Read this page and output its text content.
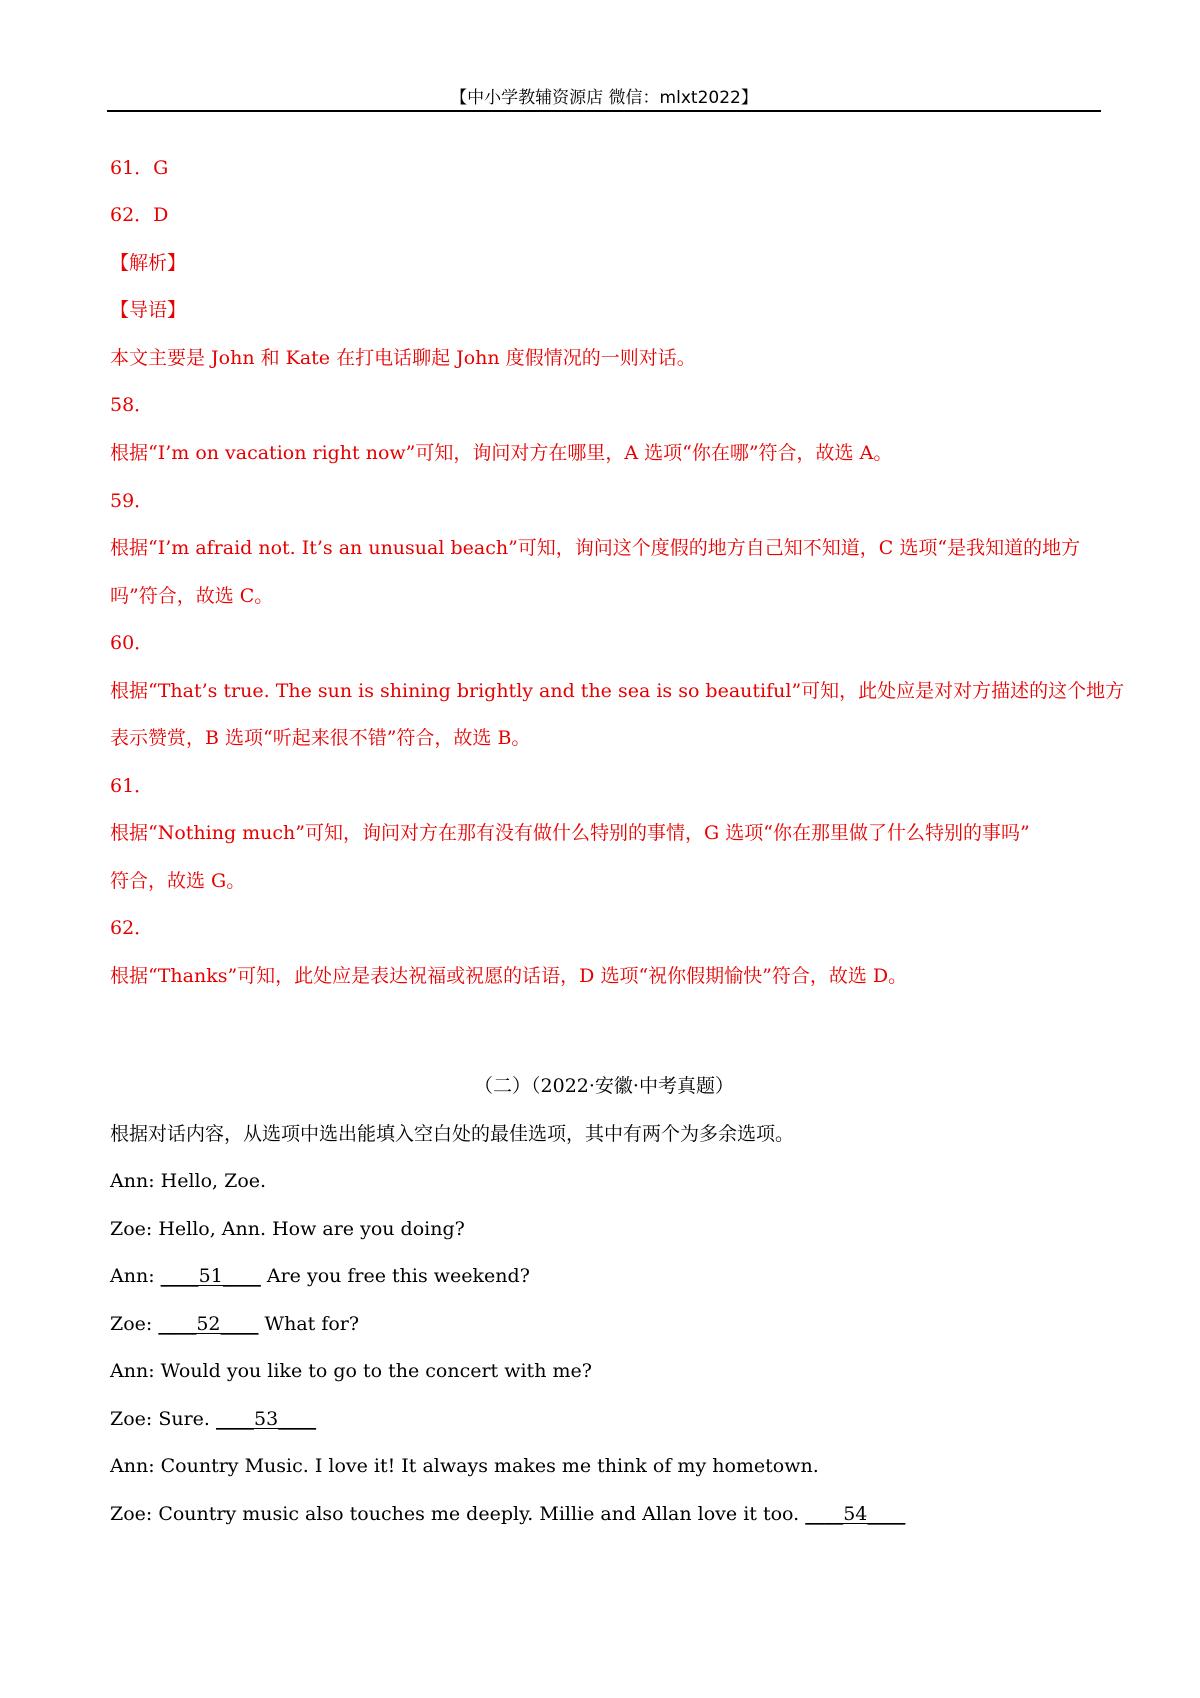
【中小学教辅资源店 微信：mlxt2022】
61．G
62．D
【解析】
【导语】
本文主要是 John 和 Kate 在打电话聊起 John 度假情况的一则对话。
58．
根据“I’m on vacation right now”可知，询问对方在哪里，A 选项“你在哪”符合，故选 A。
59．
根据“I’m afraid not. It’s an unusual beach”可知，询问这个度假的地方自己知不知道，C 选项“是我知道的地方
吗”符合，故选 C。
60．
根据“That’s true. The sun is shining brightly and the sea is so beautiful”可知，此处应是对对方描述的这个地方
表示赞赏，B 选项“听起来很不错”符合，故选 B。
61．
根据“Nothing much”可知，询问对方在那有没有做什么特别的事情，G 选项“你在那里做了什么特别的事吗”
符合，故选 G。
62．
根据“Thanks”可知，此处应是表达祝福或祝愿的话语，D 选项“祝你假期愉快”符合，故选 D。
（二）（2022·安徽·中考真题）
根据对话内容，从选项中选出能填入空白处的最佳选项，其中有两个为多余选项。
Ann: Hello, Zoe.
Zoe: Hello, Ann. How are you doing?
Ann: ____51____ Are you free this weekend?
Zoe: ____52____ What for?
Ann: Would you like to go to the concert with me?
Zoe: Sure. ____53____
Ann: Country Music. I love it! It always makes me think of my hometown.
Zoe: Country music also touches me deeply. Millie and Allan love it too. ____54____
